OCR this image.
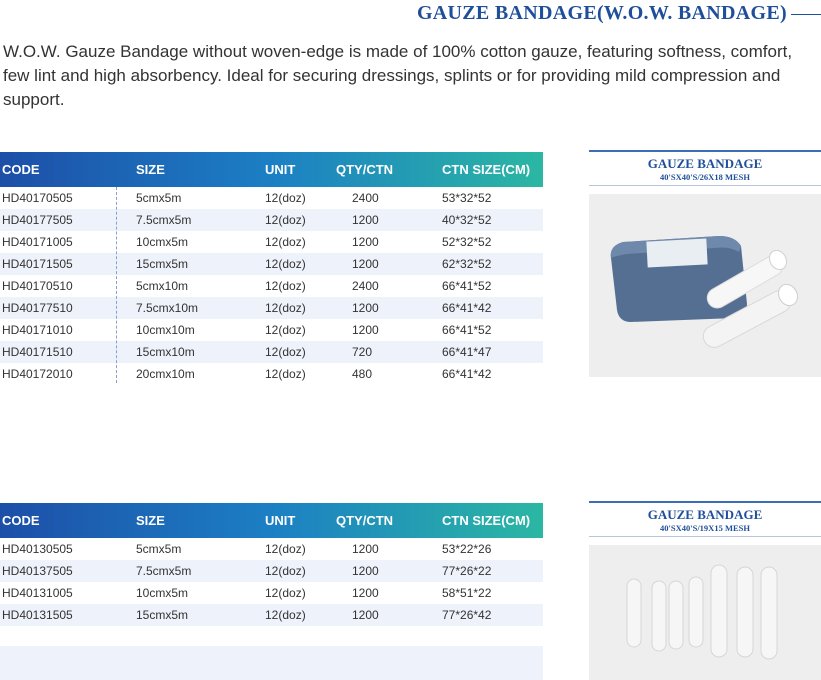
GAUZE BANDAGE(W.O.W. BANDAGE)
W.O.W. Gauze Bandage without woven-edge is made of 100% cotton gauze, featuring softness, comfort, few lint and high absorbency. Ideal for securing dressings, splints or for providing mild compression and support.
CODE	SIZE	UNIT	QTY/CTN	CTN SIZE(CM)
HD40170505	5cmx5m	12(doz)	2400	53*32*52
HD40177505	7.5cmx5m	12(doz)	1200	40*32*52
HD40171005	10cmx5m	12(doz)	1200	52*32*52
HD40171505	15cmx5m	12(doz)	1200	62*32*52
HD40170510	5cmx10m	12(doz)	2400	66*41*52
HD40177510	7.5cmx10m	12(doz)	1200	66*41*42
HD40171010	10cmx10m	12(doz)	1200	66*41*52
HD40171510	15cmx10m	12(doz)	720	66*41*47
HD40172010	20cmx10m	12(doz)	480	66*41*42
GAUZE BANDAGE
40'SX40'S/26X18 MESH
CODE	SIZE	UNIT	QTY/CTN	CTN SIZE(CM)
HD40130505	5cmx5m	12(doz)	1200	53*22*26
HD40137505	7.5cmx5m	12(doz)	1200	77*26*22
HD40131005	10cmx5m	12(doz)	1200	58*51*22
HD40131505	15cmx5m	12(doz)	1200	77*26*42
GAUZE BANDAGE
40'SX40'S/19X15 MESH
